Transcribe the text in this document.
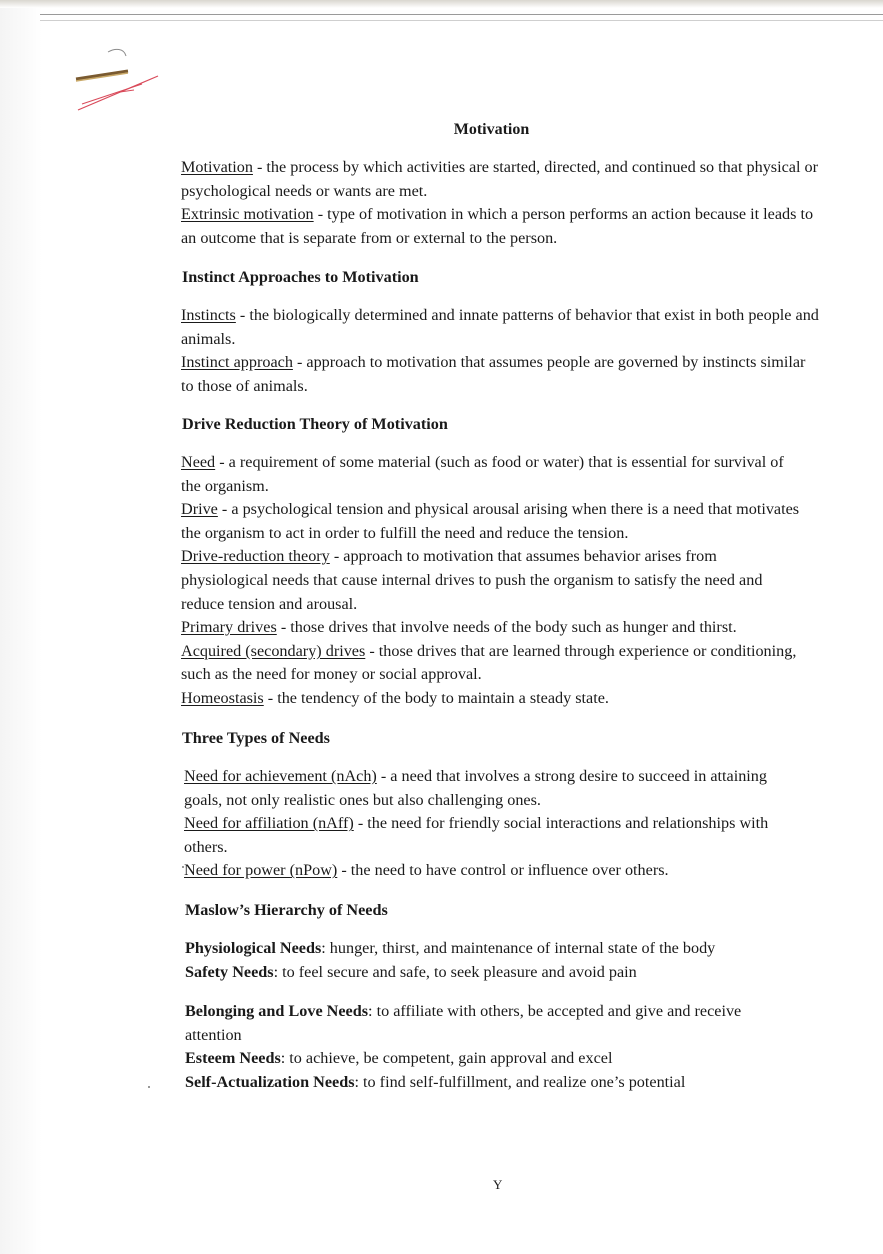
Motivation

Motivation - the process by which activities are started, directed, and continued so that physical or psychological needs or wants are met.

Extrinsic motivation - type of motivation in which a person performs an action because it leads to an outcome that is separate from or external to the person.

Instinct Approaches to Motivation

Instincts - the biologically determined and innate patterns of behavior that exist in both people and animals.

Instinct approach - approach to motivation that assumes people are governed by instincts similar to those of animals.

Drive Reduction Theory of Motivation

Need - a requirement of some material (such as food or water) that is essential for survival of the organism.

Drive - a psychological tension and physical arousal arising when there is a need that motivates the organism to act in order to fulfill the need and reduce the tension.

Drive-reduction theory - approach to motivation that assumes behavior arises from physiological needs that cause internal drives to push the organism to satisfy the need and reduce tension and arousal.

Primary drives - those drives that involve needs of the body such as hunger and thirst.

Acquired (secondary) drives - those drives that are learned through experience or conditioning, such as the need for money or social approval.

Homeostasis - the tendency of the body to maintain a steady state.

Three Types of Needs

Need for achievement (nAch) - a need that involves a strong desire to succeed in attaining goals, not only realistic ones but also challenging ones.

Need for affiliation (nAff) - the need for friendly social interactions and relationships with others.

Need for power (nPow) - the need to have control or influence over others.

Maslow’s Hierarchy of Needs

Physiological Needs: hunger, thirst, and maintenance of internal state of the body

Safety Needs: to feel secure and safe, to seek pleasure and avoid pain

Belonging and Love Needs: to affiliate with others, be accepted and give and receive attention

Esteem Needs: to achieve, be competent, gain approval and excel

Self-Actualization Needs: to find self-fulfillment, and realize one’s potential

Y
